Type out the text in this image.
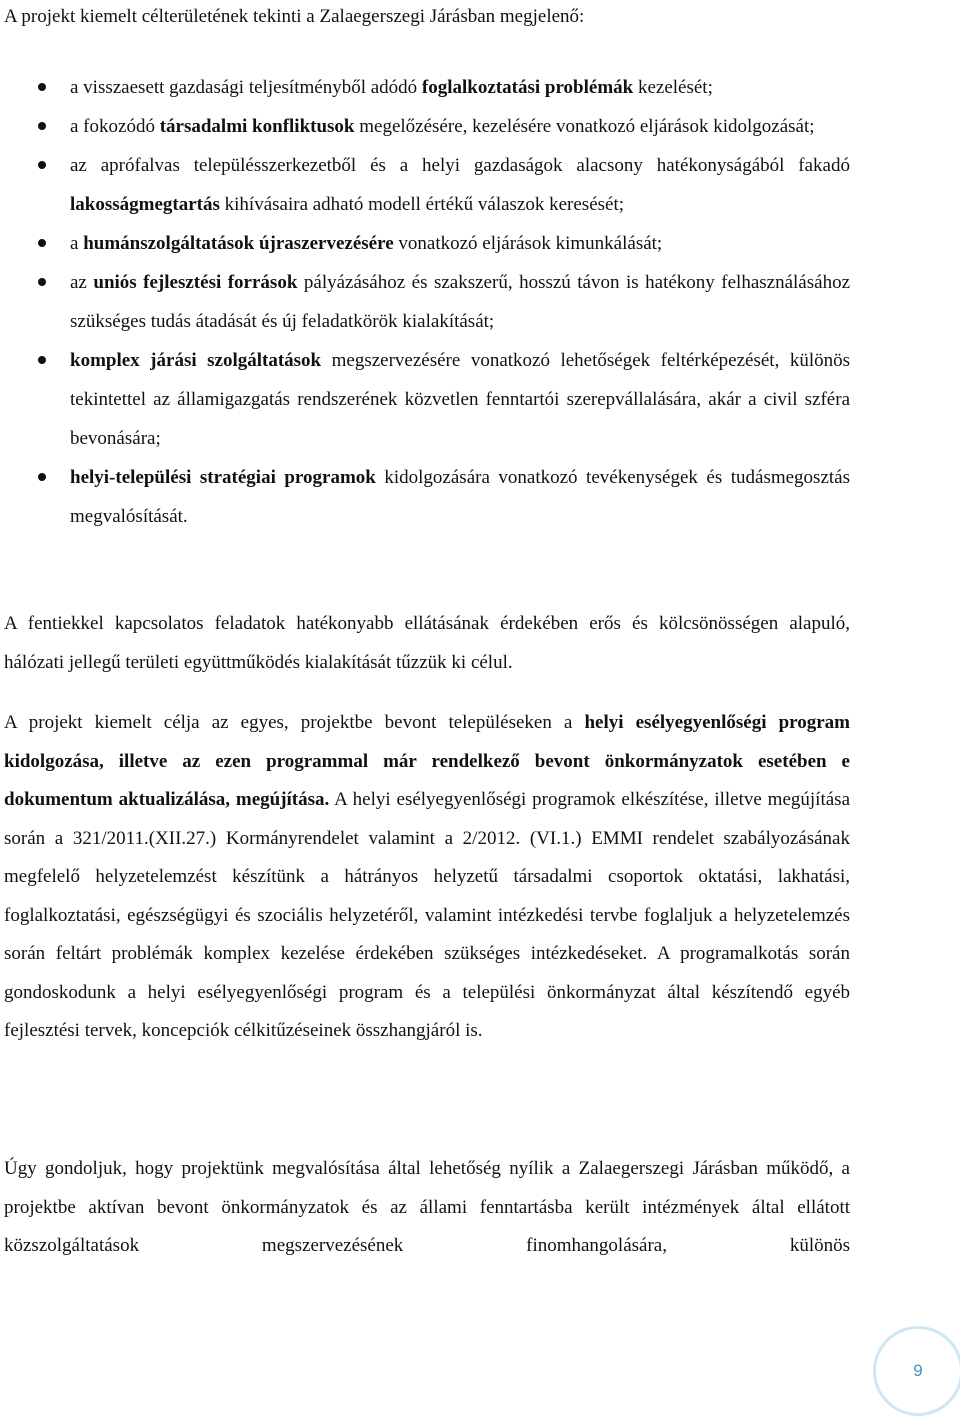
A projekt kiemelt célterületének tekinti a Zalaegerszegi Járásban megjelenő:

a visszaesett gazdasági teljesítményből adódó foglalkoztatási problémák kezelését;
a fokozódó társadalmi konfliktusok megelőzésére, kezelésére vonatkozó eljárások kidolgozását;
az aprófalvas településszerkezetből és a helyi gazdaságok alacsony hatékonyságából fakadó lakosságmegtartás kihívásaira adható modell értékű válaszok keresését;
a humánszolgáltatások újraszervezésére vonatkozó eljárások kimunkálását;
az uniós fejlesztési források pályázásához és szakszerű, hosszú távon is hatékony felhasználásához szükséges tudás átadását és új feladatkörök kialakítását;
komplex járási szolgáltatások megszervezésére vonatkozó lehetőségek feltérképezését, különös tekintettel az államigazgatás rendszerének közvetlen fenntartói szerepvállalására, akár a civil szféra bevonására;
helyi-települési stratégiai programok kidolgozására vonatkozó tevékenységek és tudásmegosztás megvalósítását.

A fentiekkel kapcsolatos feladatok hatékonyabb ellátásának érdekében erős és kölcsönösségen alapuló, hálózati jellegű területi együttműködés kialakítását tűzzük ki célul.

A projekt kiemelt célja az egyes, projektbe bevont településeken a helyi esélyegyenlőségi program kidolgozása, illetve az ezen programmal már rendelkező bevont önkormányzatok esetében e dokumentum aktualizálása, megújítása. A helyi esélyegyenlőségi programok elkészítése, illetve megújítása során a 321/2011.(XII.27.) Kormányrendelet valamint a 2/2012. (VI.1.) EMMI rendelet szabályozásának megfelelő helyzetelemzést készítünk a hátrányos helyzetű társadalmi csoportok oktatási, lakhatási, foglalkoztatási, egészségügyi és szociális helyzetéről, valamint intézkedési tervbe foglaljuk a helyzetelemzés során feltárt problémák komplex kezelése érdekében szükséges intézkedéseket. A programalkotás során gondoskodunk a helyi esélyegyenlőségi program és a települési önkormányzat által készítendő egyéb fejlesztési tervek, koncepciók célkitűzéseinek összhangjáról is.

Úgy gondoljuk, hogy projektünk megvalósítása által lehetőség nyílik a Zalaegerszegi Járásban működő, a projektbe aktívan bevont önkormányzatok és az állami fenntartásba került intézmények által ellátott közszolgáltatások megszervezésének finomhangolására, különös

9
